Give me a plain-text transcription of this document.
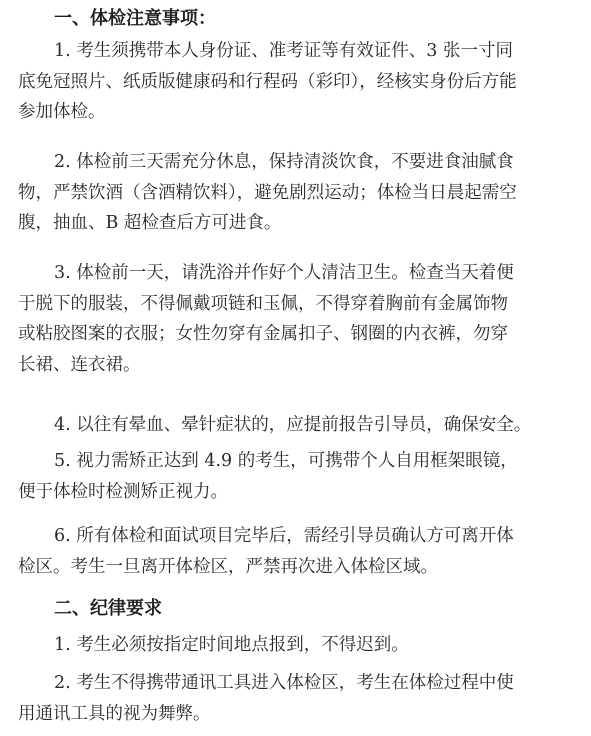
一、体检注意事项：
1. 考生须携带本人身份证、准考证等有效证件、3 张一寸同
底免冠照片、纸质版健康码和行程码（彩印），经核实身份后方能
参加体检。
2. 体检前三天需充分休息，保持清淡饮食，不要进食油腻食
物，严禁饮酒（含酒精饮料），避免剧烈运动；体检当日晨起需空
腹，抽血、B 超检查后方可进食。
3. 体检前一天，请洗浴并作好个人清洁卫生。检查当天着便
于脱下的服装，不得佩戴项链和玉佩，不得穿着胸前有金属饰物
或粘胶图案的衣服；女性勿穿有金属扣子、钢圈的内衣裤，勿穿
长裙、连衣裙。
4. 以往有晕血、晕针症状的，应提前报告引导员，确保安全。
5. 视力需矫正达到 4.9 的考生，可携带个人自用框架眼镜，
便于体检时检测矫正视力。
6. 所有体检和面试项目完毕后，需经引导员确认方可离开体
检区。考生一旦离开体检区，严禁再次进入体检区域。
二、纪律要求
1. 考生必须按指定时间地点报到，不得迟到。
2. 考生不得携带通讯工具进入体检区，考生在体检过程中使
用通讯工具的视为舞弊。
